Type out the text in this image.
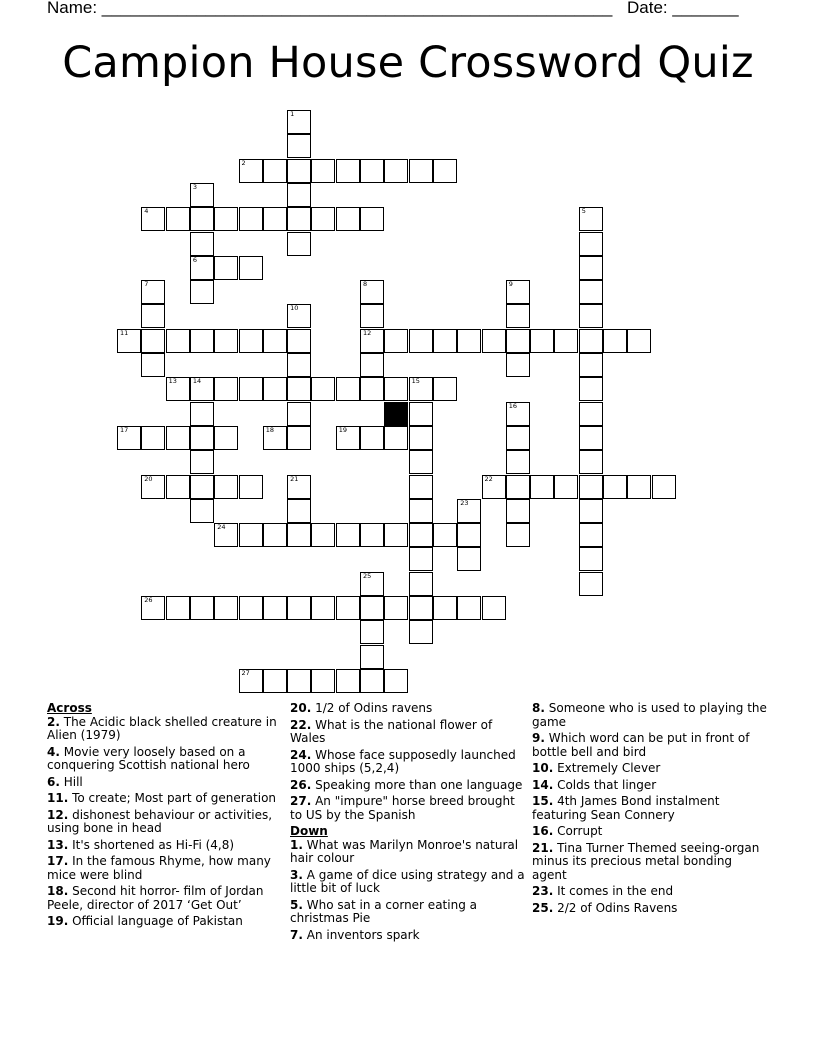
Name: ______________________________________________________ Date: _______
Campion House Crossword Quiz
1
2
3
6
4	5
7	8
12
9
10
11
13 14	15
16
17	18	19
20	21	22
23
24
25
26
27

Across

2. The Acidic black shelled creature in Alien (1979)

4. Movie very loosely based on a conquering Scottish national hero

6. Hill

11. To create; Most part of generation

12. dishonest behaviour or activities, using bone in head

13. It's shortened as Hi-Fi (4,8)

17. In the famous Rhyme, how many mice were blind

18. Second hit horror- film of Jordan Peele, director of 2017 ‘Get Out’

19. Official language of Pakistan

20. 1/2 of Odins ravens

22. What is the national flower of Wales

24. Whose face supposedly launched 1000 ships (5,2,4)

26. Speaking more than one language

27. An "impure" horse breed brought to US by the Spanish

Down

1. What was Marilyn Monroe's natural hair colour

3. A game of dice using strategy and a little bit of luck

5. Who sat in a corner eating a christmas Pie

7. An inventors spark

8. Someone who is used to playing the game

9. Which word can be put in front of bottle bell and bird

10. Extremely Clever

14. Colds that linger

15. 4th James Bond instalment featuring Sean Connery

16. Corrupt

21. Tina Turner Themed seeing-organ minus its precious metal bonding agent

23. It comes in the end

25. 2/2 of Odins Ravens
